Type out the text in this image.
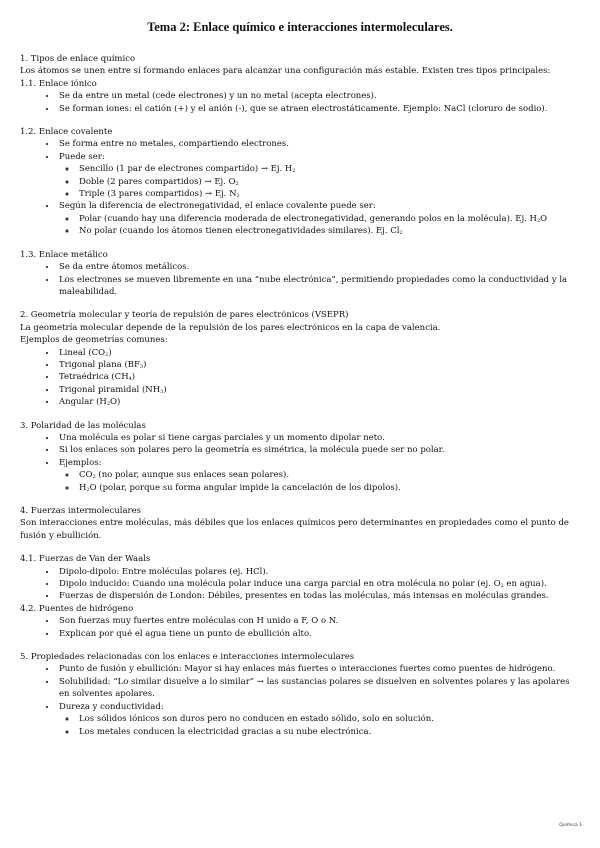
Tema 2: Enlace químico e interacciones intermoleculares.
1. Tipos de enlace químico
Los átomos se unen entre sí formando enlaces para alcanzar una configuración más estable. Existen tres tipos principales:
1.1. Enlace iónico
• Se da entre un metal (cede electrones) y un no metal (acepta electrones).
• Se forman iones: el catión (+) y el anión (-), que se atraen electrostáticamente. Ejemplo: NaCl (cloruro de sodio).
1.2. Enlace covalente
• Se forma entre no metales, compartiendo electrones.
• Puede ser:
◦ Sencillo (1 par de electrones compartido) → Ej. $H_2$
◦ Doble (2 pares compartidos) → Ej. $O_2$
◦ Triple (3 pares compartidos) → Ej. $N_2$
• Según la diferencia de electronegatividad, el enlace covalente puede ser:
◦ Polar (cuando hay una diferencia moderada de electronegatividad, generando polos en la molécula). Ej. $H_2O$
◦ No polar (cuando los átomos tienen electronegatividades similares). Ej. $Cl_2$
1.3. Enlace metálico
• Se da entre átomos metálicos.
• Los electrones se mueven libremente en una “nube electrónica”, permitiendo propiedades como la conductividad y la maleabilidad.
2. Geometría molecular y teoría de repulsión de pares electrónicos (VSEPR)
La geometría molecular depende de la repulsión de los pares electrónicos en la capa de valencia.
Ejemplos de geometrías comunes:
• Lineal $(CO_2)$
• Trigonal plana $(BF_3)$
• Tetraédrica $(CH_4)$
• Trigonal piramidal $(NH_3)$
• Angular $(H_2O)$
3. Polaridad de las moléculas
• Una molécula es polar si tiene cargas parciales y un momento dipolar neto.
• Si los enlaces son polares pero la geometría es simétrica, la molécula puede ser no polar.
• Ejemplos:
◦ $CO_2$ (no polar, aunque sus enlaces sean polares).
◦ $H_2O$ (polar, porque su forma angular impide la cancelación de los dipolos).
4. Fuerzas intermoleculares
Son interacciones entre moléculas, más débiles que los enlaces químicos pero determinantes en propiedades como el punto de fusión y ebullición.
4.1. Fuerzas de Van der Waals
• Dipolo-dipolo: Entre moléculas polares (ej. HCl).
• Dipolo inducido: Cuando una molécula polar induce una carga parcial en otra molécula no polar (ej. $O_2$ en agua).
• Fuerzas de dispersión de London: Débiles, presentes en todas las moléculas, más intensas en moléculas grandes.
4.2. Puentes de hidrógeno
• Son fuerzas muy fuertes entre moléculas con H unido a F, O o N.
• Explican por qué el agua tiene un punto de ebullición alto.
5. Propiedades relacionadas con los enlaces e interacciones intermoleculares
• Punto de fusión y ebullición: Mayor si hay enlaces más fuertes o interacciones fuertes como puentes de hidrógeno.
• Solubilidad: “Lo similar disuelve a lo similar” → las sustancias polares se disuelven en solventes polares y las apolares en solventes apolares.
• Dureza y conductividad:
◦ Los sólidos iónicos son duros pero no conducen en estado sólido, solo en solución.
◦ Los metales conducen la electricidad gracias a su nube electrónica.
Química 1
